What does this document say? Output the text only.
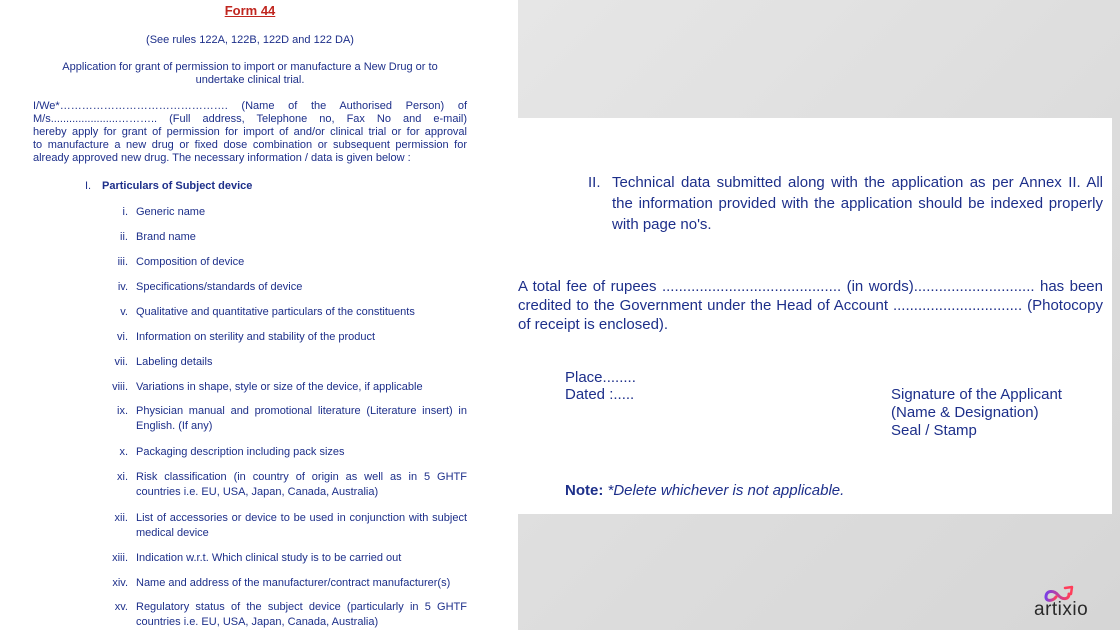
Form 44
(See rules 122A, 122B, 122D and 122 DA)
Application for grant of permission to import or manufacture a New Drug or to
undertake clinical trial.
I/We*………………………………………. (Name of the Authorised Person) of
M/s......................……….. (Full address, Telephone no, Fax No and e-mail)
hereby apply for grant of permission for import of and/or clinical trial or for approval
to manufacture a new drug or fixed dose combination or subsequent permission for
already approved new drug. The necessary information / data is given below :
I. Particulars of Subject device
i. Generic name
ii. Brand name
iii. Composition of device
iv. Specifications/standards of device
v. Qualitative and quantitative particulars of the constituents
vi. Information on sterility and stability of the product
vii. Labeling details
viii. Variations in shape, style or size of the device, if applicable
ix. Physician manual and promotional literature (Literature insert) in English. (If any)
x. Packaging description including pack sizes
xi. Risk classification (in country of origin as well as in 5 GHTF countries i.e. EU, USA, Japan, Canada, Australia)
xii. List of accessories or device to be used in conjunction with subject medical device
xiii. Indication w.r.t. Which clinical study is to be carried out
xiv. Name and address of the manufacturer/contract manufacturer(s)
xv. Regulatory status of the subject device (particularly in 5 GHTF countries i.e. EU, USA, Japan, Canada, Australia)
II. Technical data submitted along with the application as per Annex II. All the information provided with the application should be indexed properly with page no's.
A total fee of rupees ........................................... (in words)............................. has been credited to the Government under the Head of Account ............................... (Photocopy of receipt is enclosed).
Place........
Dated :.....	Signature of the Applicant
(Name & Designation)
Seal / Stamp
Note: *Delete whichever is not applicable.
artixio
